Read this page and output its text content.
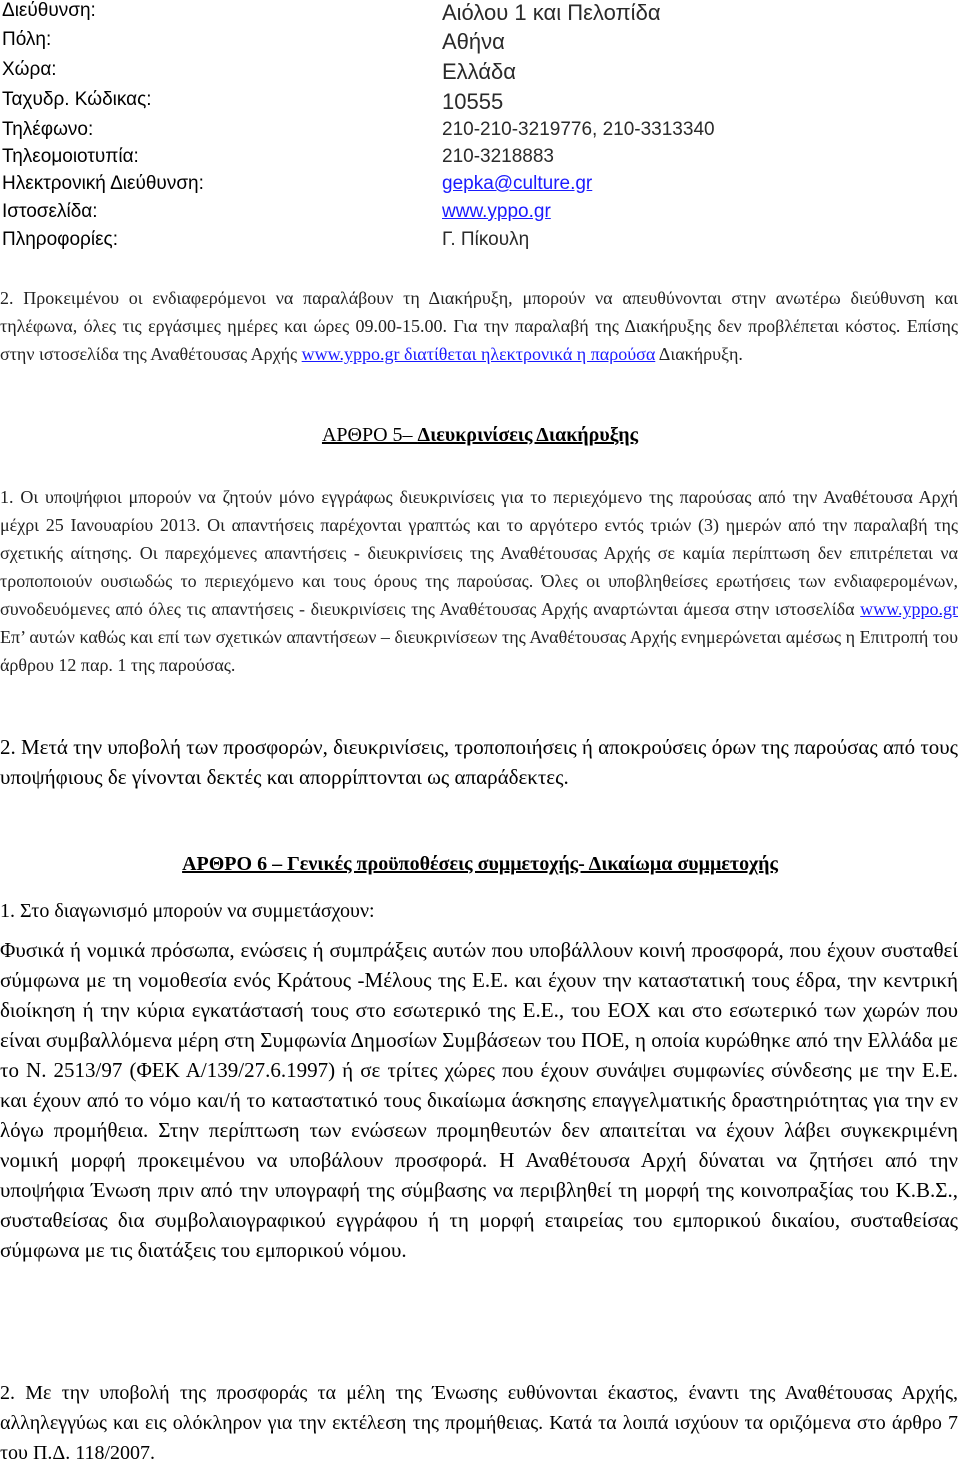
Διεύθυνση:	Αιόλου 1 και Πελοπίδα
Πόλη:	Αθήνα
Χώρα:	Ελλάδα
Ταχυδρ. Κώδικας:	10555
Τηλέφωνο:	210-210-3219776, 210-3313340
Τηλεομοιοτυπία:	210-3218883
Ηλεκτρονική Διεύθυνση:	gepka@culture.gr
Ιστοσελίδα:	www.yppo.gr
Πληροφορίες:	Γ. Πίκουλη
2. Προκειμένου οι ενδιαφερόμενοι να παραλάβουν τη Διακήρυξη, μπορούν να απευθύνονται στην ανωτέρω διεύθυνση και τηλέφωνα, όλες τις εργάσιμες ημέρες και ώρες 09.00-15.00. Για την παραλαβή της Διακήρυξης δεν προβλέπεται κόστος. Επίσης στην ιστοσελίδα της Αναθέτουσας Αρχής www.yppo.gr διατίθεται ηλεκτρονικά η παρούσα Διακήρυξη.
ΑΡΘΡΟ 5– Διευκρινίσεις Διακήρυξης
1. Οι υποψήφιοι μπορούν να ζητούν μόνο εγγράφως διευκρινίσεις για το περιεχόμενο της παρούσας από την Αναθέτουσα Αρχή μέχρι 25 Ιανουαρίου 2013. Οι απαντήσεις παρέχονται γραπτώς και το αργότερο εντός τριών (3) ημερών από την παραλαβή της σχετικής αίτησης. Οι παρεχόμενες απαντήσεις - διευκρινίσεις της Αναθέτουσας Αρχής σε καμία περίπτωση δεν επιτρέπεται να τροποποιούν ουσιωδώς το περιεχόμενο και τους όρους της παρούσας. Όλες οι υποβληθείσες ερωτήσεις των ενδιαφερομένων, συνοδευόμενες από όλες τις απαντήσεις - διευκρινίσεις της Αναθέτουσας Αρχής αναρτώνται άμεσα στην ιστοσελίδα www.yppo.gr Επ’ αυτών καθώς και επί των σχετικών απαντήσεων – διευκρινίσεων της Αναθέτουσας Αρχής ενημερώνεται αμέσως η Επιτροπή του άρθρου 12 παρ. 1 της παρούσας.
2. Μετά την υποβολή των προσφορών, διευκρινίσεις, τροποποιήσεις ή αποκρούσεις όρων της παρούσας από τους υποψήφιους δε γίνονται δεκτές και απορρίπτονται ως απαράδεκτες.
ΑΡΘΡΟ 6 – Γενικές προϋποθέσεις συμμετοχής- Δικαίωμα συμμετοχής
1. Στο διαγωνισμό μπορούν να συμμετάσχουν:
Φυσικά ή νομικά πρόσωπα, ενώσεις ή συμπράξεις αυτών που υποβάλλουν κοινή προσφορά, που έχουν συσταθεί σύμφωνα με τη νομοθεσία ενός Κράτους -Μέλους της Ε.Ε. και έχουν την καταστατική τους έδρα, την κεντρική διοίκηση ή την κύρια εγκατάστασή τους στο εσωτερικό της Ε.Ε., του ΕΟΧ και στο εσωτερικό των χωρών που είναι συμβαλλόμενα μέρη στη Συμφωνία Δημοσίων Συμβάσεων του ΠΟΕ, η οποία κυρώθηκε από την Ελλάδα με το Ν. 2513/97 (ΦΕΚ Α/139/27.6.1997) ή σε τρίτες χώρες που έχουν συνάψει συμφωνίες σύνδεσης με την Ε.Ε. και έχουν από το νόμο και/ή το καταστατικό τους δικαίωμα άσκησης επαγγελματικής δραστηριότητας για την εν λόγω προμήθεια. Στην περίπτωση των ενώσεων προμηθευτών δεν απαιτείται να έχουν λάβει συγκεκριμένη νομική μορφή προκειμένου να υποβάλουν προσφορά. Η Αναθέτουσα Αρχή δύναται να ζητήσει από την υποψήφια Ένωση πριν από την υπογραφή της σύμβασης να περιβληθεί τη μορφή της κοινοπραξίας του Κ.Β.Σ., συσταθείσας δια συμβολαιογραφικού εγγράφου ή τη μορφή εταιρείας του εμπορικού δικαίου, συσταθείσας σύμφωνα με τις διατάξεις του εμπορικού νόμου.
2. Με την υποβολή της προσφοράς τα μέλη της Ένωσης ευθύνονται έκαστος, έναντι της Αναθέτουσας Αρχής, αλληλεγγύως και εις ολόκληρον για την εκτέλεση της προμήθειας. Κατά τα λοιπά ισχύουν τα οριζόμενα στο άρθρο 7 του Π.Δ. 118/2007.
